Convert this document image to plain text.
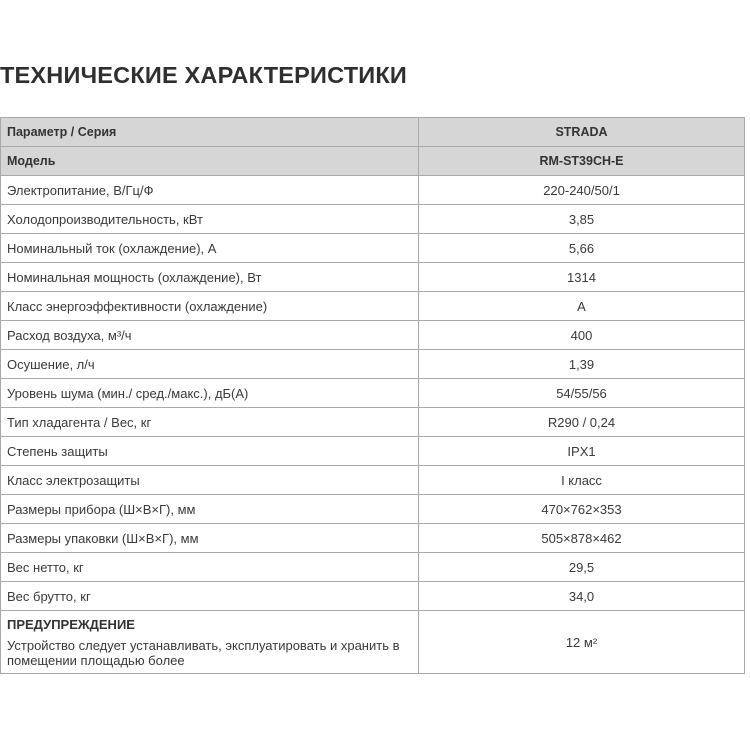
ТЕХНИЧЕСКИЕ ХАРАКТЕРИСТИКИ
Параметр / Серия	STRADA
Модель	RM-ST39CH-E
Электропитание, В/Гц/Ф	220-240/50/1
Холодопроизводительность, кВт	3,85
Номинальный ток (охлаждение), А	5,66
Номинальная мощность (охлаждение), Вт	1314
Класс энергоэффективности (охлаждение)	А
Расход воздуха, м³/ч	400
Осушение, л/ч	1,39
Уровень шума (мин./ сред./макс.), дБ(А)	54/55/56
Тип хладагента / Вес, кг	R290 / 0,24
Степень защиты	IPX1
Класс электрозащиты	I класс
Размеры прибора (Ш×В×Г), мм	470×762×353
Размеры упаковки (Ш×В×Г), мм	505×878×462
Вес нетто, кг	29,5
Вес брутто, кг	34,0

ПРЕДУПРЕЖДЕНИЕ
Устройство следует устанавливать, эксплуатировать и хранить в помещении площадью более	12 м²
